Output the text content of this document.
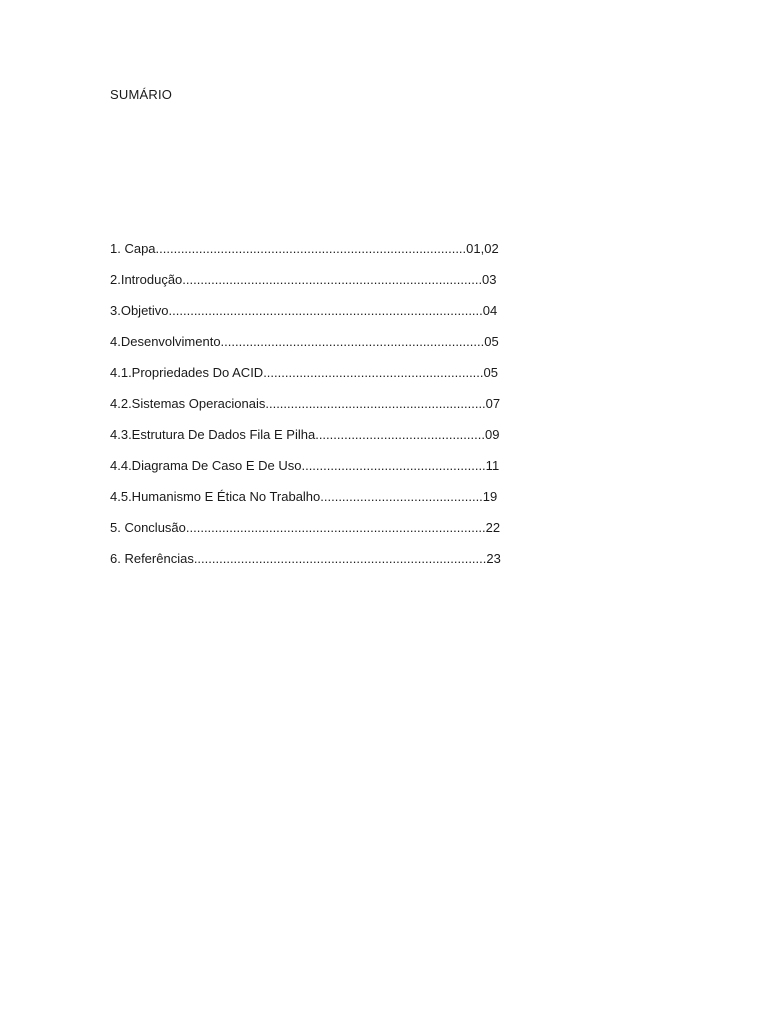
SUMÁRIO
1. Capa......................................................................................01,02
2.Introdução...................................................................................03
3.Objetivo.......................................................................................04
4.Desenvolvimento.........................................................................05
4.1.Propriedades Do ACID.............................................................05
4.2.Sistemas Operacionais.............................................................07
4.3.Estrutura De Dados Fila E Pilha...............................................09
4.4.Diagrama De Caso E De Uso...................................................11
4.5.Humanismo E Ética No Trabalho.............................................19
5. Conclusão...................................................................................22
6. Referências.................................................................................23
